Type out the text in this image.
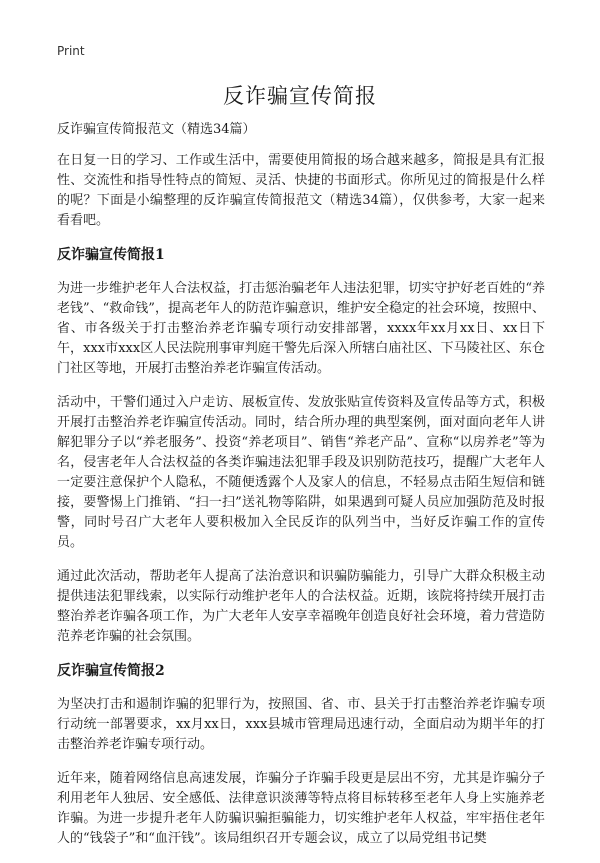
Print
反诈骗宣传简报

反诈骗宣传简报范文（精选34篇）

在日复一日的学习、工作或生活中，需要使用简报的场合越来越多，简报是具有汇报性、交流性和指导性特点的简短、灵活、快捷的书面形式。你所见过的简报是什么样的呢？下面是小编整理的反诈骗宣传简报范文（精选34篇），仅供参考，大家一起来看看吧。

反诈骗宣传简报1

为进一步维护老年人合法权益，打击惩治骗老年人违法犯罪，切实守护好老百姓的“养老钱”、“救命钱”，提高老年人的防范诈骗意识，维护安全稳定的社会环境，按照中、省、市各级关于打击整治养老诈骗专项行动安排部署，xxxx年xx月xx日、xx日下午，xxx市xxx区人民法院刑事审判庭干警先后深入所辖白庙社区、下马陵社区、东仓门社区等地，开展打击整治养老诈骗宣传活动。

活动中，干警们通过入户走访、展板宣传、发放张贴宣传资料及宣传品等方式，积极开展打击整治养老诈骗宣传活动。同时，结合所办理的典型案例，面对面向老年人讲解犯罪分子以“养老服务”、投资“养老项目”、销售“养老产品”、宣称“以房养老”等为名，侵害老年人合法权益的各类诈骗违法犯罪手段及识别防范技巧，提醒广大老年人一定要注意保护个人隐私，不随便透露个人及家人的信息，不轻易点击陌生短信和链接，要警惕上门推销、“扫一扫”送礼物等陷阱，如果遇到可疑人员应加强防范及时报警，同时号召广大老年人要积极加入全民反诈的队列当中，当好反诈骗工作的宣传员。

通过此次活动，帮助老年人提高了法治意识和识骗防骗能力，引导广大群众积极主动提供违法犯罪线索，以实际行动维护老年人的合法权益。近期，该院将持续开展打击整治养老诈骗各项工作，为广大老年人安享幸福晚年创造良好社会环境，着力营造防范养老诈骗的社会氛围。

反诈骗宣传简报2

为坚决打击和遏制诈骗的犯罪行为，按照国、省、市、县关于打击整治养老诈骗专项行动统一部署要求，xx月xx日，xxx县城市管理局迅速行动，全面启动为期半年的打击整治养老诈骗专项行动。

近年来，随着网络信息高速发展，诈骗分子诈骗手段更是层出不穷，尤其是诈骗分子利用老年人独居、安全感低、法律意识淡薄等特点将目标转移至老年人身上实施养老诈骗。为进一步提升老年人防骗识骗拒骗能力，切实维护老年人权益，牢牢捂住老年人的“钱袋子”和“血汗钱”。该局组织召开专题会议，成立了以局党组书记樊
